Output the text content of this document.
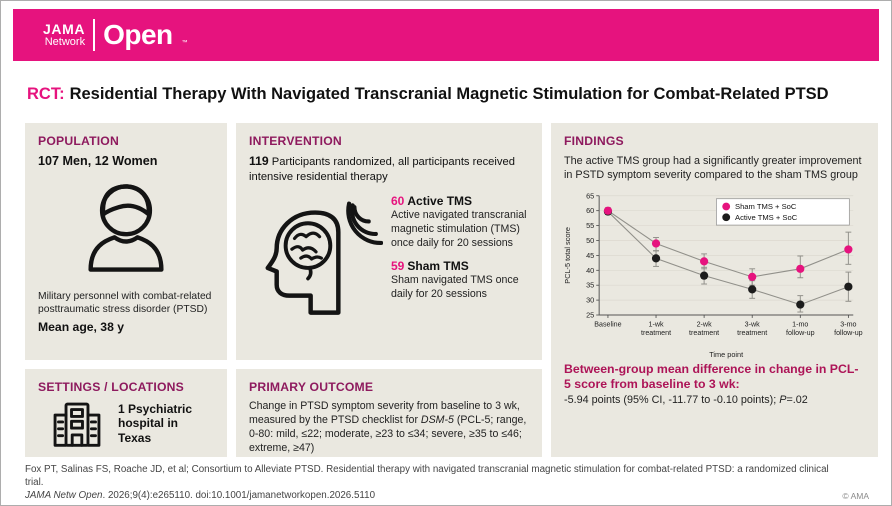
JAMA
Network Open ™
RCT: Residential Therapy With Navigated Transcranial Magnetic Stimulation for Combat-Related PTSD
POPULATION
107 Men, 12 Women
Military personnel with combat-related posttraumatic stress disorder (PTSD)
Mean age, 38 y
SETTINGS / LOCATIONS
1 Psychiatric hospital in Texas
INTERVENTION
119 Participants randomized, all participants received intensive residential therapy
60 Active TMS
Active navigated transcranial magnetic stimulation (TMS) once daily for 20 sessions
59 Sham TMS
Sham navigated TMS once daily for 20 sessions
PRIMARY OUTCOME
Change in PTSD symptom severity from baseline to 3 wk, measured by the PTSD checklist for DSM-5 (PCL-5; range, 0-80: mild, ≤22; moderate, ≥23 to ≤34; severe, ≥35 to ≤46; extreme, ≥47)
FINDINGS
The active TMS group had a significantly greater improvement in PSTD symptom severity compared to the sham TMS group
25
30
35
40
45
50
55
60
65
Baseline	1-wk treatment
2-wk treatment
3-wk treatment
1-mo follow-up
3-mo follow-up
Time point
PCL-5 total score
Sham TMS + SoC
Active TMS + SoC
Between-group mean difference in change in PCL-5 score from baseline to 3 wk:
-5.94 points (95% CI, -11.77 to -0.10 points); P=.02
Fox PT, Salinas FS, Roache JD, et al; Consortium to Alleviate PTSD. Residential therapy with navigated transcranial magnetic stimulation for combat-related PTSD: a randomized clinical trial.
JAMA Netw Open. 2026;9(4):e265110. doi:10.1001/jamanetworkopen.2026.5110	© AMA
